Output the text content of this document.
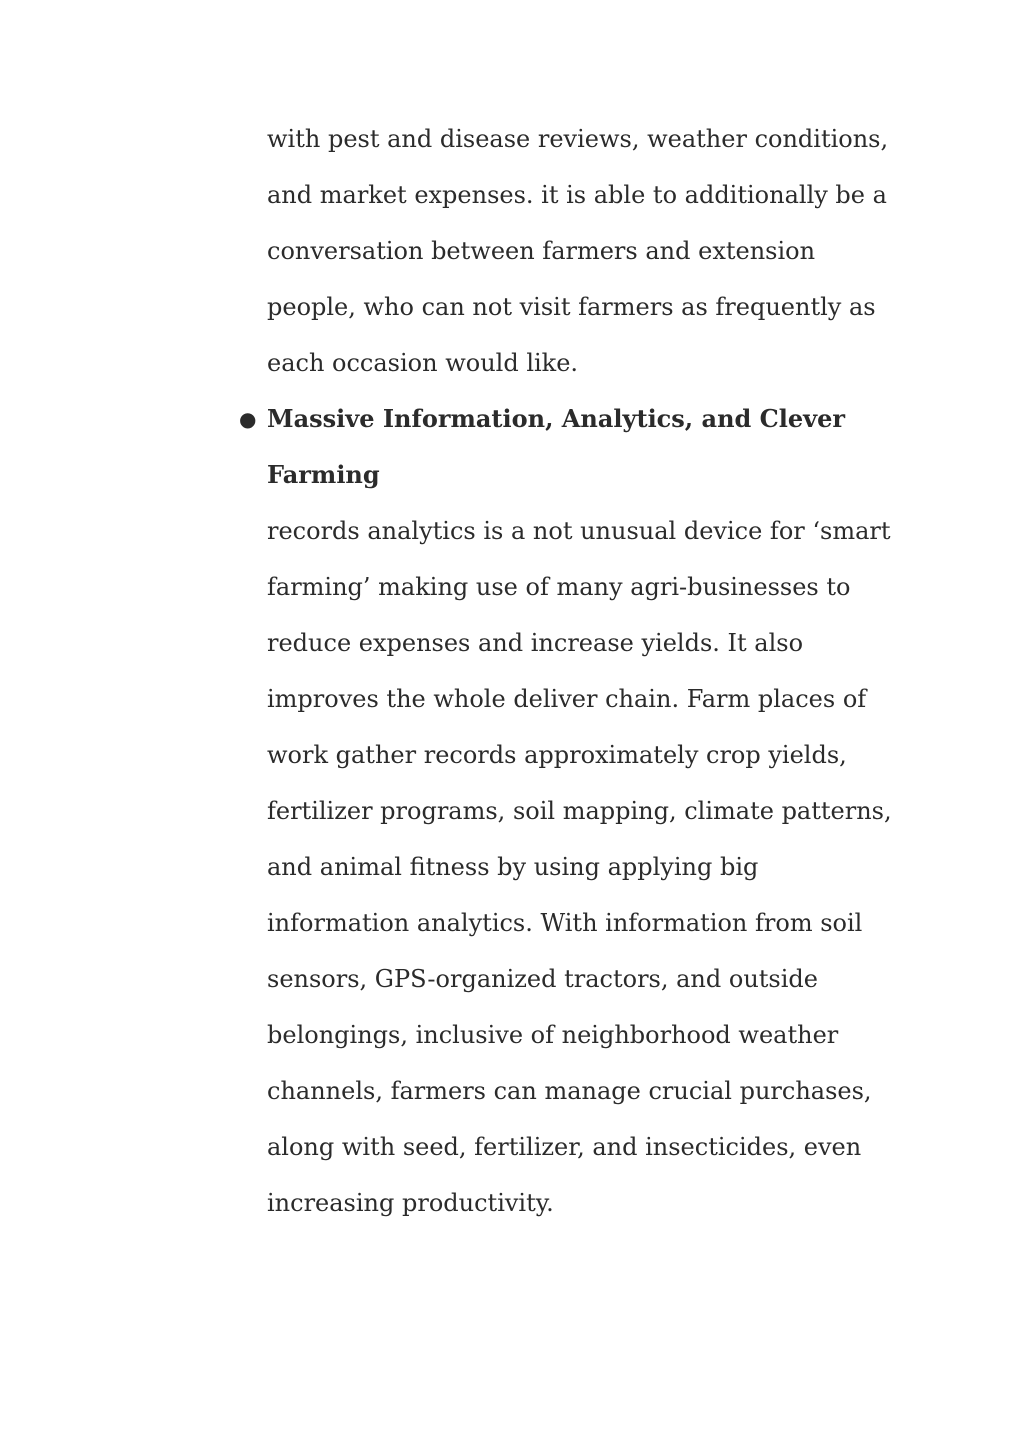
with pest and disease reviews, weather conditions,
and market expenses. it is able to additionally be a
conversation between farmers and extension
people, who can not visit farmers as frequently as
each occasion would like.
● Massive Information, Analytics, and Clever
Farming
records analytics is a not unusual device for ‘smart
farming’ making use of many agri-businesses to
reduce expenses and increase yields. It also
improves the whole deliver chain. Farm places of
work gather records approximately crop yields,
fertilizer programs, soil mapping, climate patterns,
and animal fitness by using applying big
information analytics. With information from soil
sensors, GPS-organized tractors, and outside
belongings, inclusive of neighborhood weather
channels, farmers can manage crucial purchases,
along with seed, fertilizer, and insecticides, even
increasing productivity.
